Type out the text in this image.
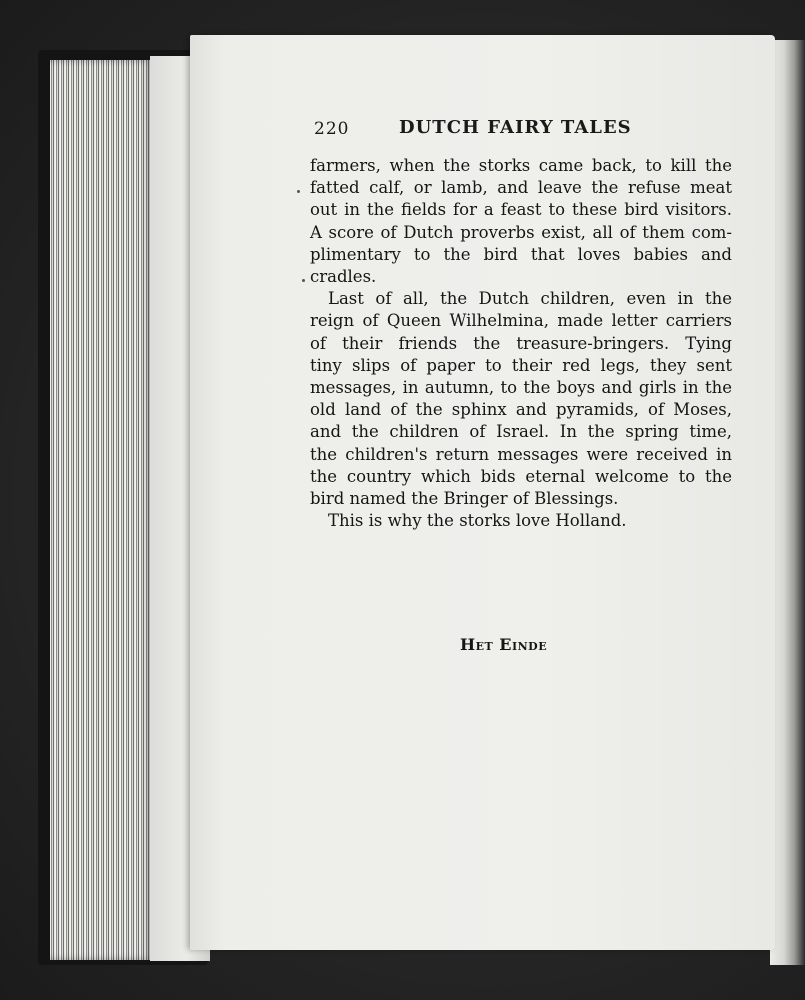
220	DUTCH FAIRY TALES
farmers, when the storks came back, to kill the
fatted calf, or lamb, and leave the refuse meat
out in the fields for a feast to these bird visitors.
A score of Dutch proverbs exist, all of them com-
plimentary to the bird that loves babies and
cradles.
Last of all, the Dutch children, even in the
reign of Queen Wilhelmina, made letter carriers
of their friends the treasure-bringers. Tying
tiny slips of paper to their red legs, they sent
messages, in autumn, to the boys and girls in the
old land of the sphinx and pyramids, of Moses,
and the children of Israel. In the spring time,
the children's return messages were received in
the country which bids eternal welcome to the
bird named the Bringer of Blessings.
This is why the storks love Holland.
Het Einde
